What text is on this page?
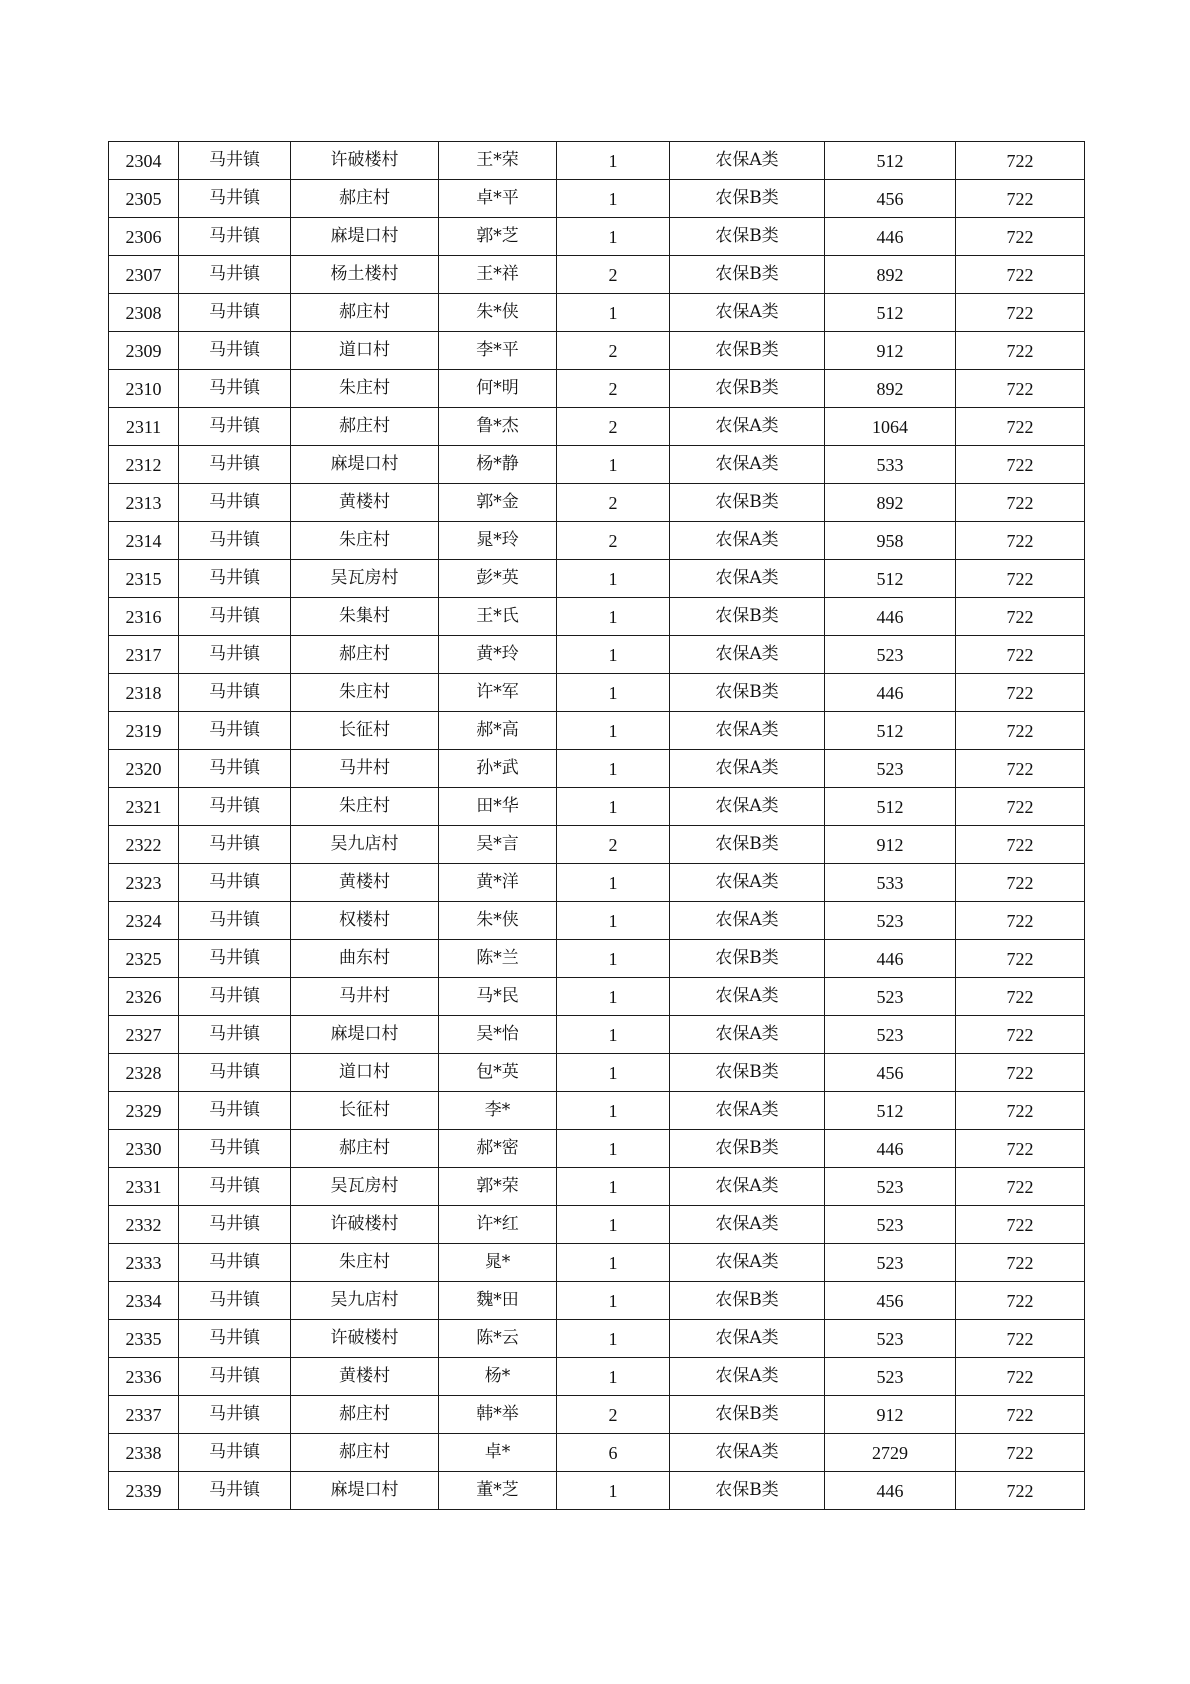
2304	马井镇	许破楼村	王*荣	1	农保A类	512	722
2305	马井镇	郝庄村	卓*平	1	农保B类	456	722
2306	马井镇	麻堤口村	郭*芝	1	农保B类	446	722
2307	马井镇	杨土楼村	王*祥	2	农保B类	892	722
2308	马井镇	郝庄村	朱*侠	1	农保A类	512	722
2309	马井镇	道口村	李*平	2	农保B类	912	722
2310	马井镇	朱庄村	何*明	2	农保B类	892	722
2311	马井镇	郝庄村	鲁*杰	2	农保A类	1064	722
2312	马井镇	麻堤口村	杨*静	1	农保A类	533	722
2313	马井镇	黄楼村	郭*金	2	农保B类	892	722
2314	马井镇	朱庄村	晁*玲	2	农保A类	958	722
2315	马井镇	吴瓦房村	彭*英	1	农保A类	512	722
2316	马井镇	朱集村	王*氏	1	农保B类	446	722
2317	马井镇	郝庄村	黄*玲	1	农保A类	523	722
2318	马井镇	朱庄村	许*军	1	农保B类	446	722
2319	马井镇	长征村	郝*高	1	农保A类	512	722
2320	马井镇	马井村	孙*武	1	农保A类	523	722
2321	马井镇	朱庄村	田*华	1	农保A类	512	722
2322	马井镇	吴九店村	吴*言	2	农保B类	912	722
2323	马井镇	黄楼村	黄*洋	1	农保A类	533	722
2324	马井镇	权楼村	朱*侠	1	农保A类	523	722
2325	马井镇	曲东村	陈*兰	1	农保B类	446	722
2326	马井镇	马井村	马*民	1	农保A类	523	722
2327	马井镇	麻堤口村	吴*怡	1	农保A类	523	722
2328	马井镇	道口村	包*英	1	农保B类	456	722
2329	马井镇	长征村	李*	1	农保A类	512	722
2330	马井镇	郝庄村	郝*密	1	农保B类	446	722
2331	马井镇	吴瓦房村	郭*荣	1	农保A类	523	722
2332	马井镇	许破楼村	许*红	1	农保A类	523	722
2333	马井镇	朱庄村	晁*	1	农保A类	523	722
2334	马井镇	吴九店村	魏*田	1	农保B类	456	722
2335	马井镇	许破楼村	陈*云	1	农保A类	523	722
2336	马井镇	黄楼村	杨*	1	农保A类	523	722
2337	马井镇	郝庄村	韩*举	2	农保B类	912	722
2338	马井镇	郝庄村	卓*	6	农保A类	2729	722
2339	马井镇	麻堤口村	董*芝	1	农保B类	446	722
